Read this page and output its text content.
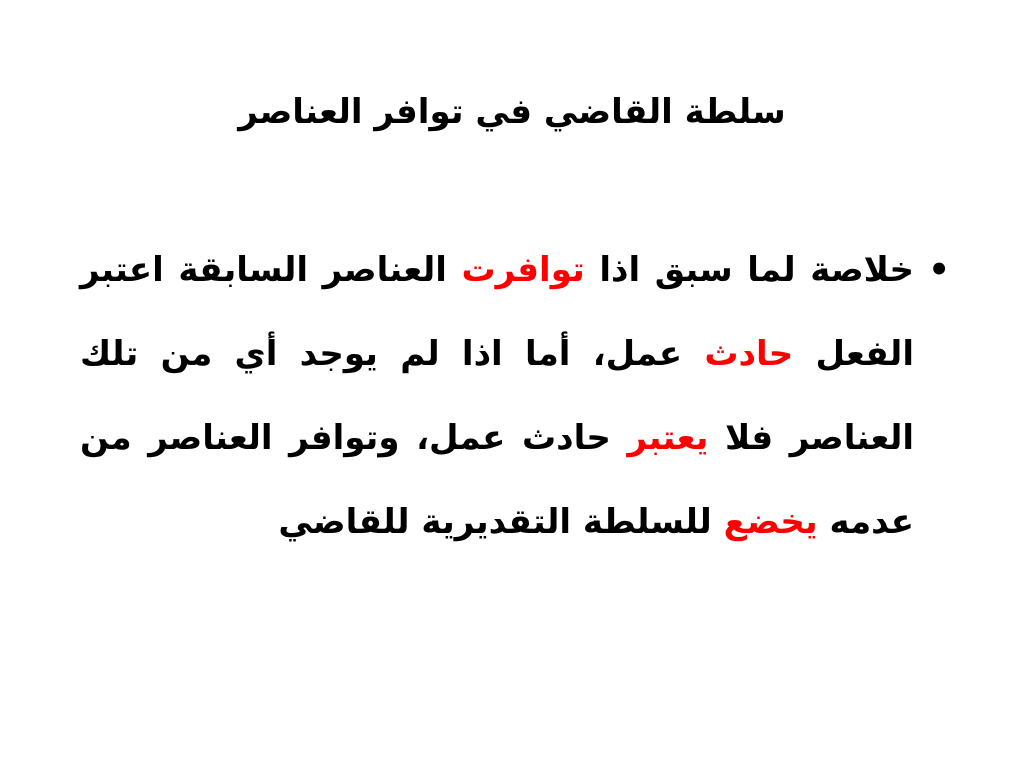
سلطة القاضي في توافر العناصر
•
خلاصة لما سبق اذا توافرت العناصر السابقة اعتبر الفعل حادث عمل، أما اذا لم يوجد أي من تلك العناصر فلا يعتبر حادث عمل، وتوافر العناصر من عدمه يخضع للسلطة التقديرية للقاضي
